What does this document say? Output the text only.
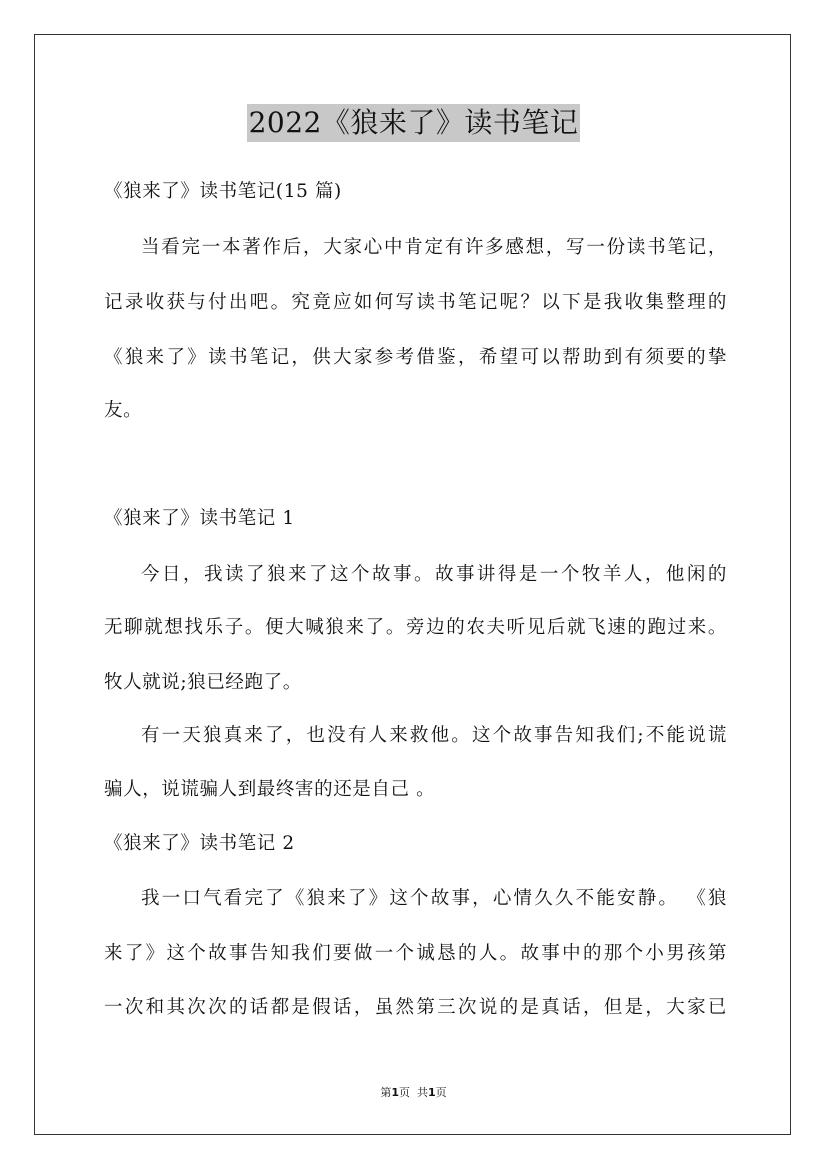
2022《狼来了》读书笔记
《狼来了》读书笔记(15 篇)
当看完一本著作后，大家心中肯定有许多感想，写一份读书笔记，
记录收获与付出吧。究竟应如何写读书笔记呢？以下是我收集整理的
《狼来了》读书笔记，供大家参考借鉴，希望可以帮助到有须要的挚
友。
《狼来了》读书笔记 1
今日，我读了狼来了这个故事。故事讲得是一个牧羊人，他闲的
无聊就想找乐子。便大喊狼来了。旁边的农夫听见后就飞速的跑过来。
牧人就说;狼已经跑了。
有一天狼真来了，也没有人来救他。这个故事告知我们;不能说谎
骗人，说谎骗人到最终害的还是自己 。
《狼来了》读书笔记 2
我一口气看完了《狼来了》这个故事，心情久久不能安静。 《狼
来了》这个故事告知我们要做一个诚恳的人。故事中的那个小男孩第
一次和其次次的话都是假话，虽然第三次说的是真话，但是，大家已
第1页 共1页
